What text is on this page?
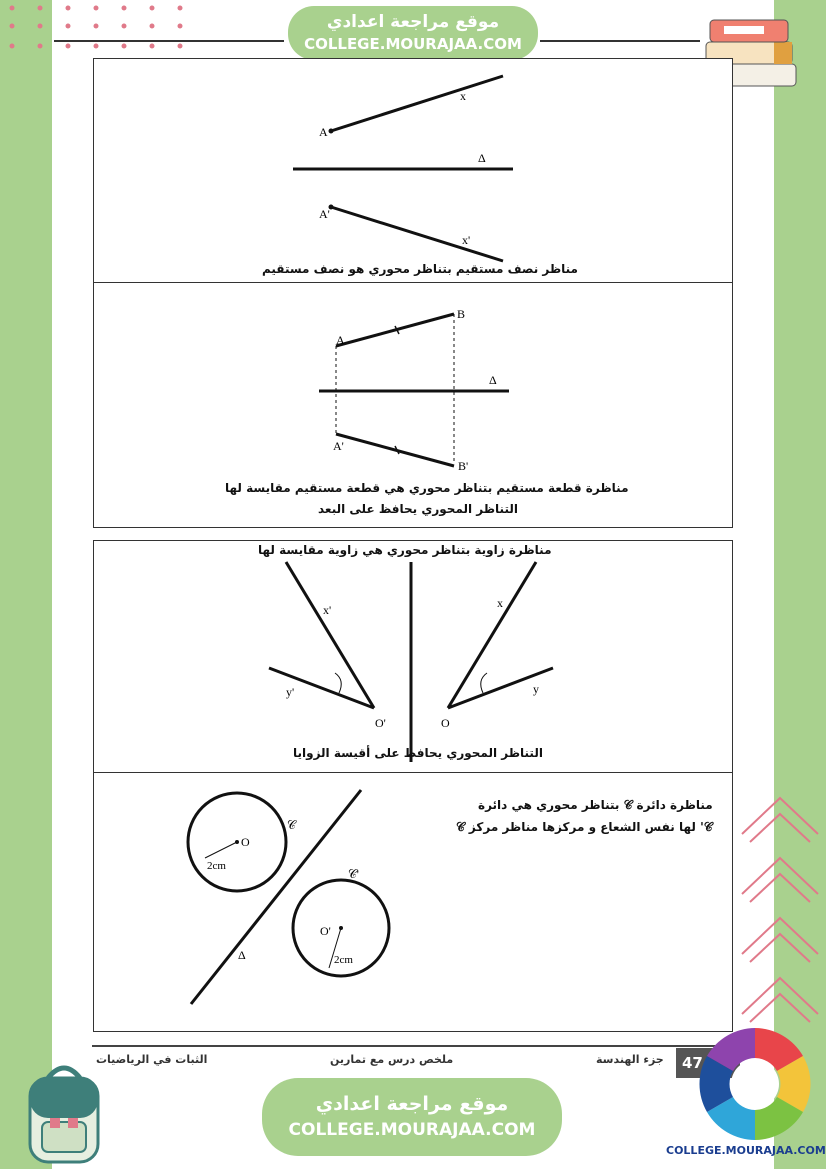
موقع مراجعة اعدادي
COLLEGE.MOURAJAA.COM
A
x
Δ
A'
x'
مناظر نصف مستقيم بتناظر محوري هو نصف مستقيم
A
B
Δ
A'
B'
مناظرة قطعة مستقيم بتناظر محوري هي قطعة مستقيم مقايسة لها
التناظر المحوري يحافظ على البعد
x'
y'
O'
x
y
O
مناظرة زاوية بتناظر محوري هي زاوية مقايسة لها
التناظر المحوري يحافظ على أقيسة الزوايا
𝒞
O
2cm
𝒞'
O'
2cm
Δ
مناظرة دائرة 𝒞 بتناظر محوري هي دائرة
𝒞' لها نفس الشعاع و مركزها مناظر مركز 𝒞
الثبات في الرياضيات	ملخص درس مع تمارين	جزء الهندسة	47
موقع مراجعة اعدادي
COLLEGE.MOURAJAA.COM
COLLEGE.MOURAJAA.COM
